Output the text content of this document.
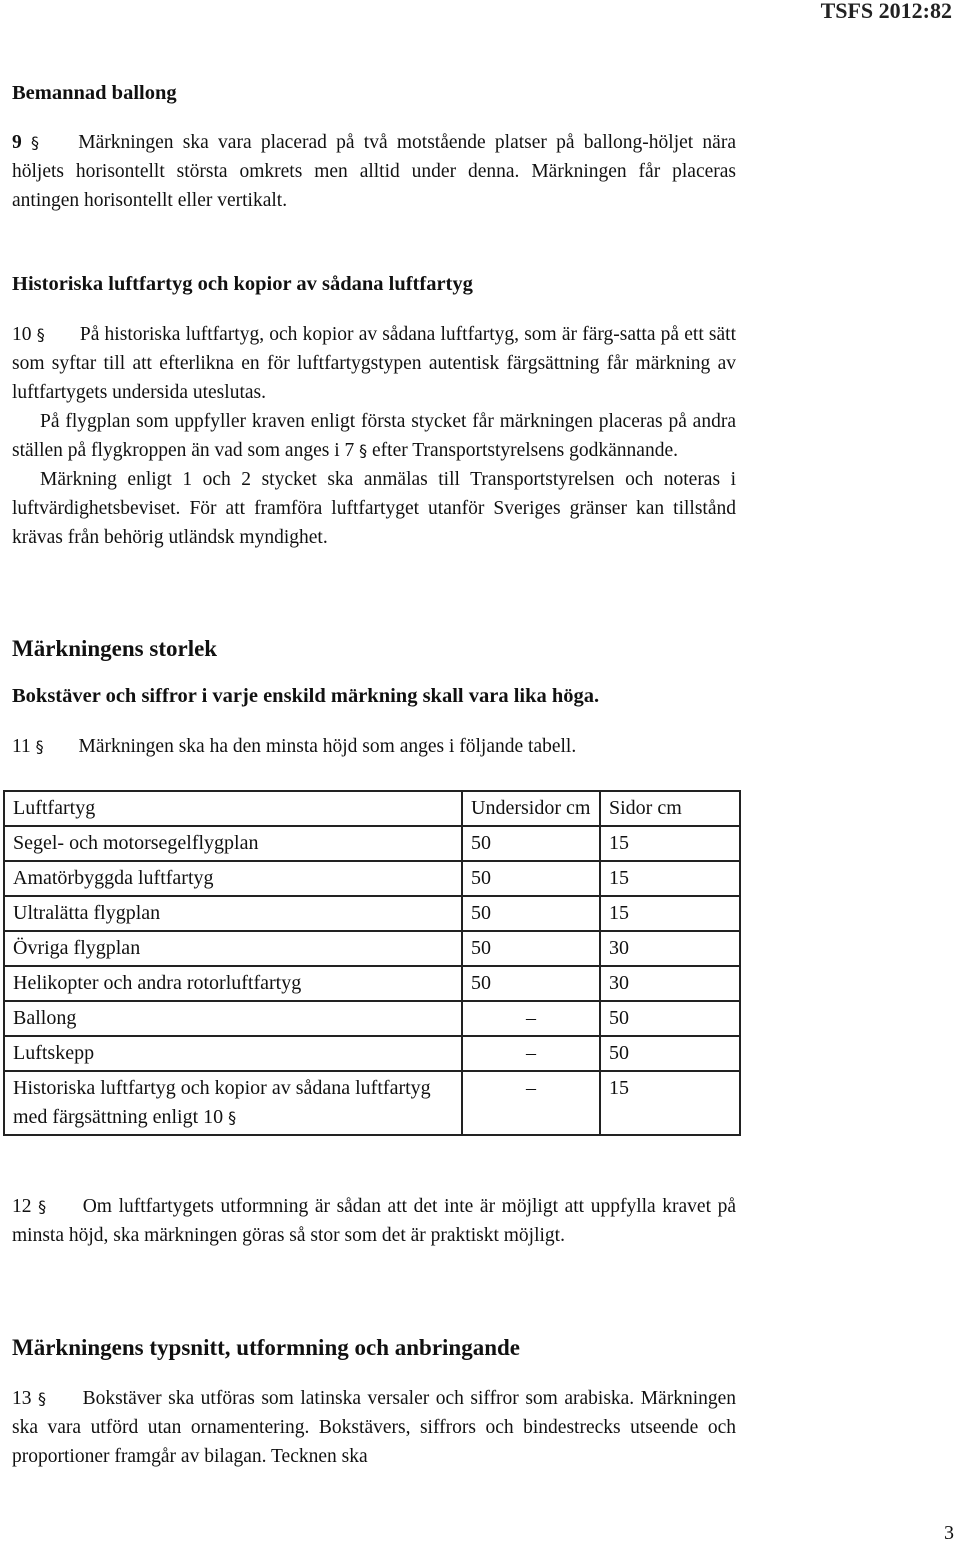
TSFS 2012:82
Bemannad ballong

9 § Märkningen ska vara placerad på två motstående platser på ballong-höljet nära höljets horisontellt största omkrets men alltid under denna. Märkningen får placeras antingen horisontellt eller vertikalt.

Historiska luftfartyg och kopior av sådana luftfartyg

10 § På historiska luftfartyg, och kopior av sådana luftfartyg, som är färg-satta på ett sätt som syftar till att efterlikna en för luftfartygstypen autentisk färgsättning får märkning av luftfartygets undersida uteslutas.

På flygplan som uppfyller kraven enligt första stycket får märkningen placeras på andra ställen på flygkroppen än vad som anges i 7 § efter Transportstyrelsens godkännande.

Märkning enligt 1 och 2 stycket ska anmälas till Transportstyrelsen och noteras i luftvärdighetsbeviset. För att framföra luftfartyget utanför Sveriges gränser kan tillstånd krävas från behörig utländsk myndighet.

Märkningens storlek
Bokstäver och siffror i varje enskild märkning skall vara lika höga.

11 § Märkningen ska ha den minsta höjd som anges i följande tabell.

Luftfartyg	Undersidor cm	Sidor cm
Segel- och motorsegelflygplan	50	15
Amatörbyggda luftfartyg	50	15
Ultralätta flygplan	50	15
Övriga flygplan	50	30
Helikopter och andra rotorluftfartyg	50	30
Ballong	–	50
Luftskepp	–	50
Historiska luftfartyg och kopior av sådana luftfartyg med färgsättning enligt 10 §	–	15

12 § Om luftfartygets utformning är sådan att det inte är möjligt att uppfylla kravet på minsta höjd, ska märkningen göras så stor som det är praktiskt möjligt.

Märkningens typsnitt, utformning och anbringande

13 § Bokstäver ska utföras som latinska versaler och siffror som arabiska. Märkningen ska vara utförd utan ornamentering. Bokstävers, siffrors och bindestrecks utseende och proportioner framgår av bilagan. Tecknen ska

3
